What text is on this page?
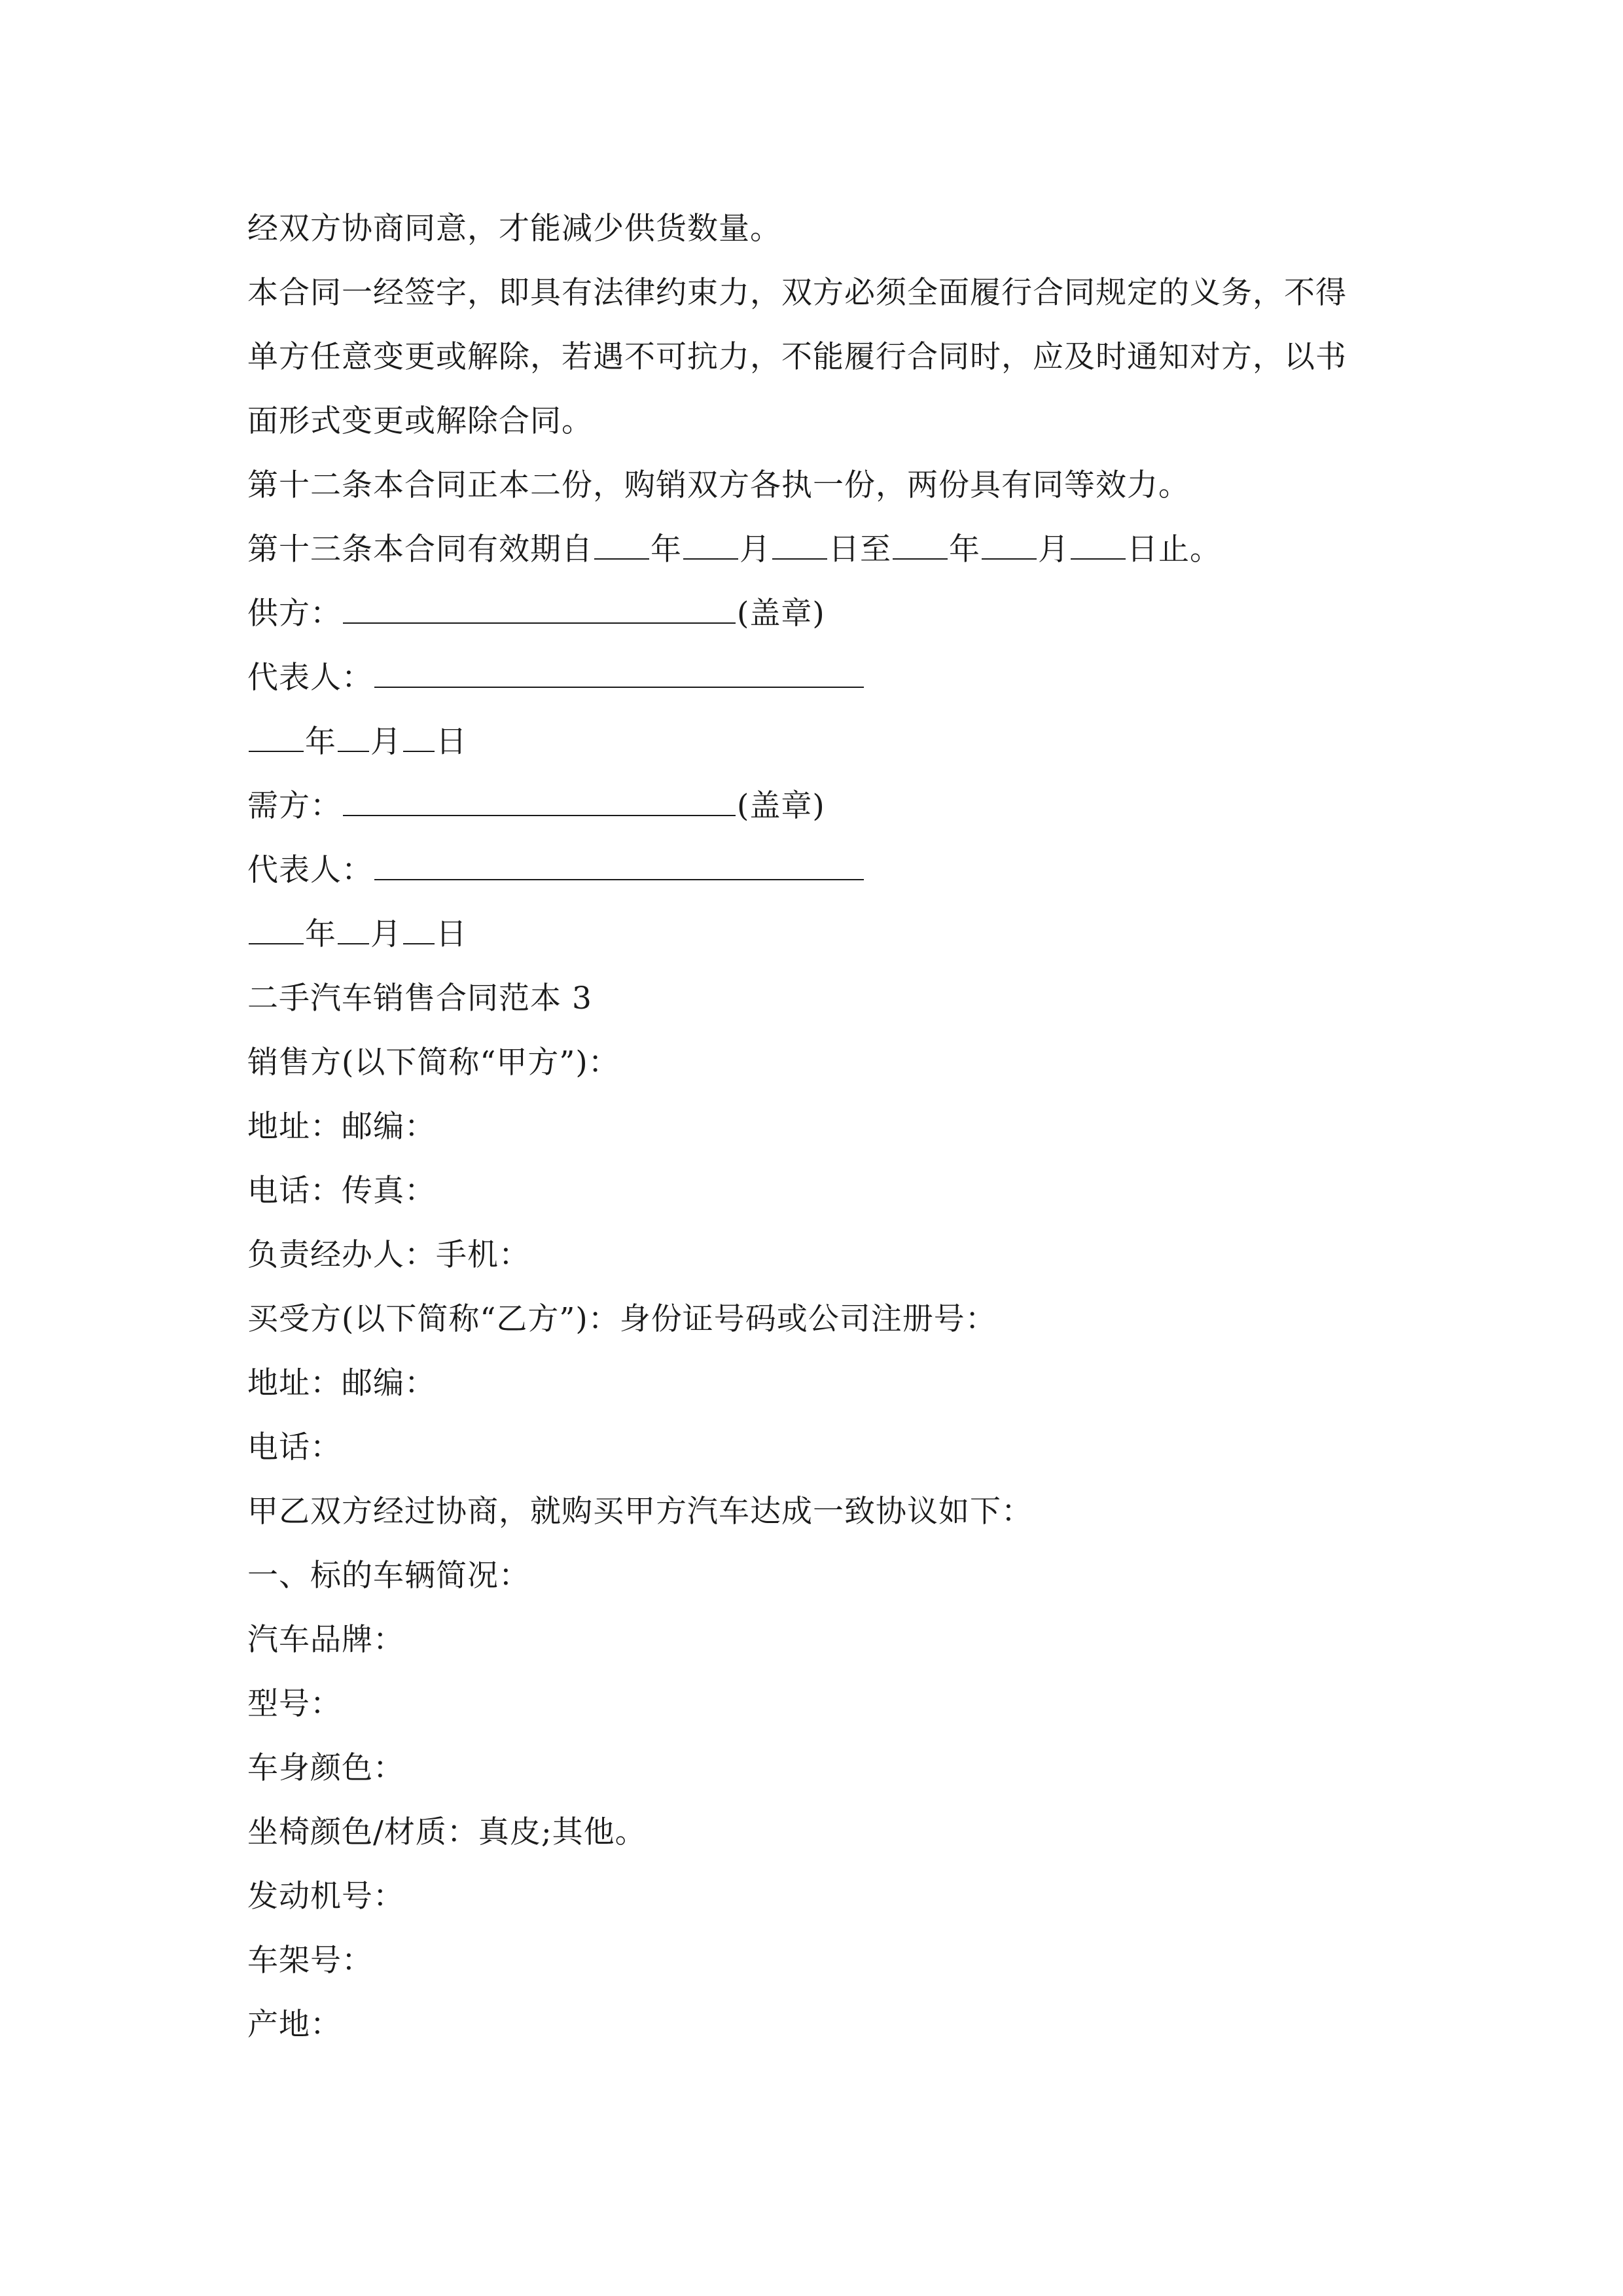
经双方协商同意，才能减少供货数量。
本合同一经签字，即具有法律约束力，双方必须全面履行合同规定的义务，不得
单方任意变更或解除，若遇不可抗力，不能履行合同时，应及时通知对方，以书
面形式变更或解除合同。
第十二条本合同正本二份，购销双方各执一份，两份具有同等效力。
第十三条本合同有效期自 年 月 日至 年 月 日止。
供方：	(盖章)
代表人：
年 月 日
需方：	(盖章)
代表人：
年 月 日
二手汽车销售合同范本 3
销售方(以下简称“甲方”)：
地址：邮编：
电话：传真：
负责经办人：手机：
买受方(以下简称“乙方”)：身份证号码或公司注册号：
地址：邮编：
电话：
甲乙双方经过协商，就购买甲方汽车达成一致协议如下：
一、标的车辆简况：
汽车品牌：
型号：
车身颜色：
坐椅颜色/材质：真皮;其他。
发动机号：
车架号：
产地：
